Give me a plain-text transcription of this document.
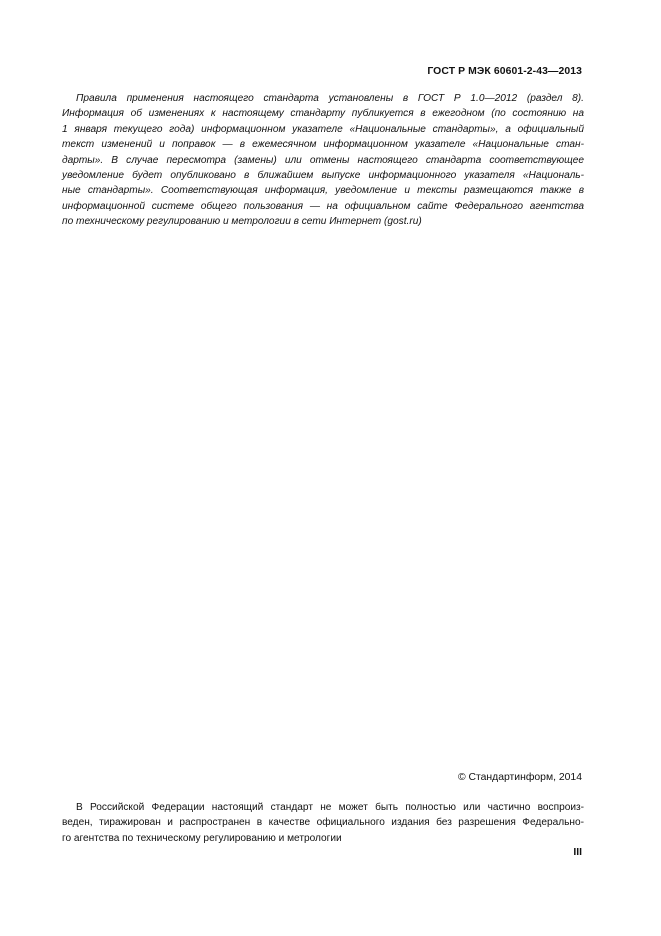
ГОСТ Р МЭК 60601-2-43—2013
Правила применения настоящего стандарта установлены в ГОСТ Р 1.0—2012 (раздел 8).
Информация об изменениях к настоящему стандарту публикуется в ежегодном (по состоянию на
1 января текущего года) информационном указателе «Национальные стандарты», а официальный
текст изменений и поправок — в ежемесячном информационном указателе «Национальные стан-
дарты». В случае пересмотра (замены) или отмены настоящего стандарта соответствующее
уведомление будет опубликовано в ближайшем выпуске информационного указателя «Националь-
ные стандарты». Соответствующая информация, уведомление и тексты размещаются также в
информационной системе общего пользования — на официальном сайте Федерального агентства
по техническому регулированию и метрологии в сети Интернет (gost.ru)
© Стандартинформ, 2014
В Российской Федерации настоящий стандарт не может быть полностью или частично воспроиз-
веден, тиражирован и распространен в качестве официального издания без разрешения Федерально-
го агентства по техническому регулированию и метрологии
III
